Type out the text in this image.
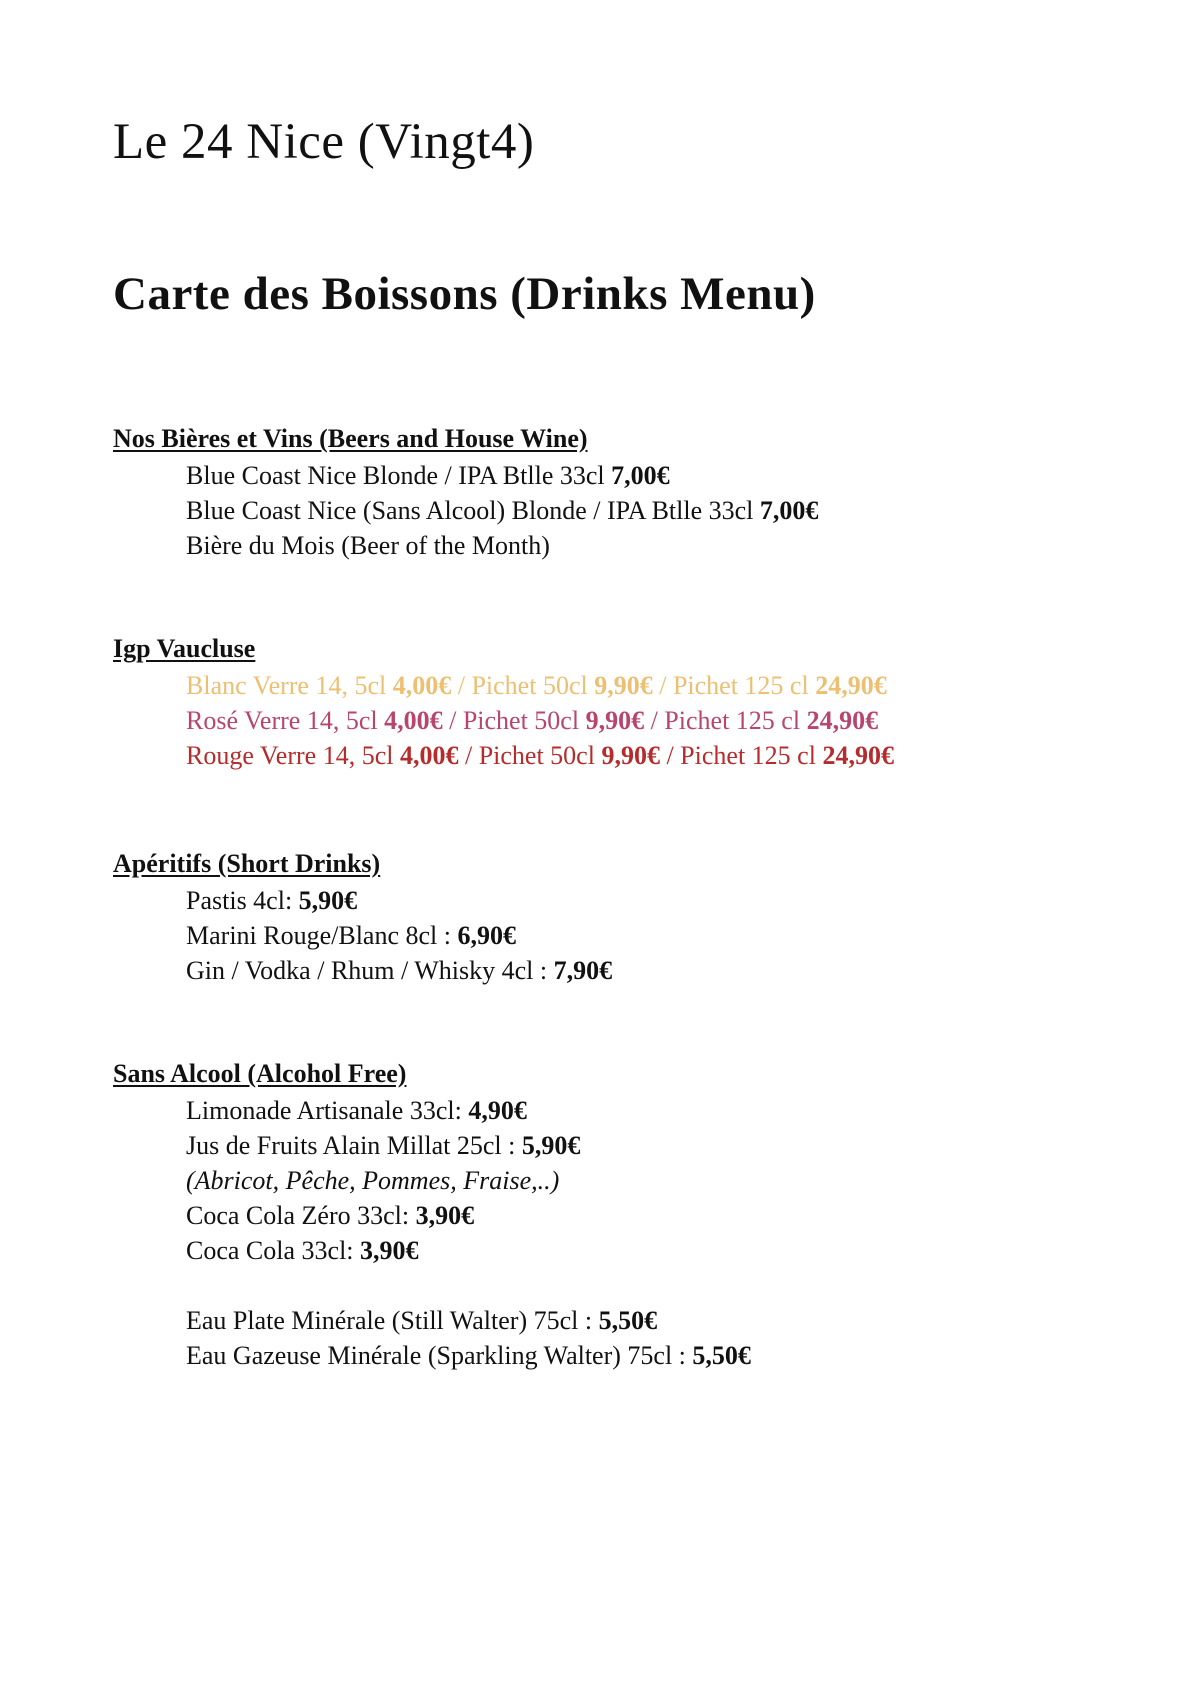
Le 24 Nice (Vingt4)
Carte des Boissons (Drinks Menu)

Nos Bières et Vins (Beers and House Wine)

Blue Coast Nice Blonde / IPA Btlle 33cl 7,00€

Blue Coast Nice (Sans Alcool) Blonde / IPA Btlle 33cl 7,00€

Bière du Mois (Beer of the Month)

Igp Vaucluse

Blanc Verre 14, 5cl 4,00€ / Pichet 50cl 9,90€ / Pichet 125 cl 24,90€

Rosé Verre 14, 5cl 4,00€ / Pichet 50cl 9,90€ / Pichet 125 cl 24,90€

Rouge Verre 14, 5cl 4,00€ / Pichet 50cl 9,90€ / Pichet 125 cl 24,90€

Apéritifs (Short Drinks)

Pastis 4cl: 5,90€

Marini Rouge/Blanc 8cl : 6,90€

Gin / Vodka / Rhum / Whisky 4cl : 7,90€

Sans Alcool (Alcohol Free)

Limonade Artisanale 33cl: 4,90€

Jus de Fruits Alain Millat 25cl : 5,90€

(Abricot, Pêche, Pommes, Fraise,..)

Coca Cola Zéro 33cl: 3,90€

Coca Cola 33cl: 3,90€

Eau Plate Minérale (Still Walter) 75cl : 5,50€

Eau Gazeuse Minérale (Sparkling Walter) 75cl : 5,50€
